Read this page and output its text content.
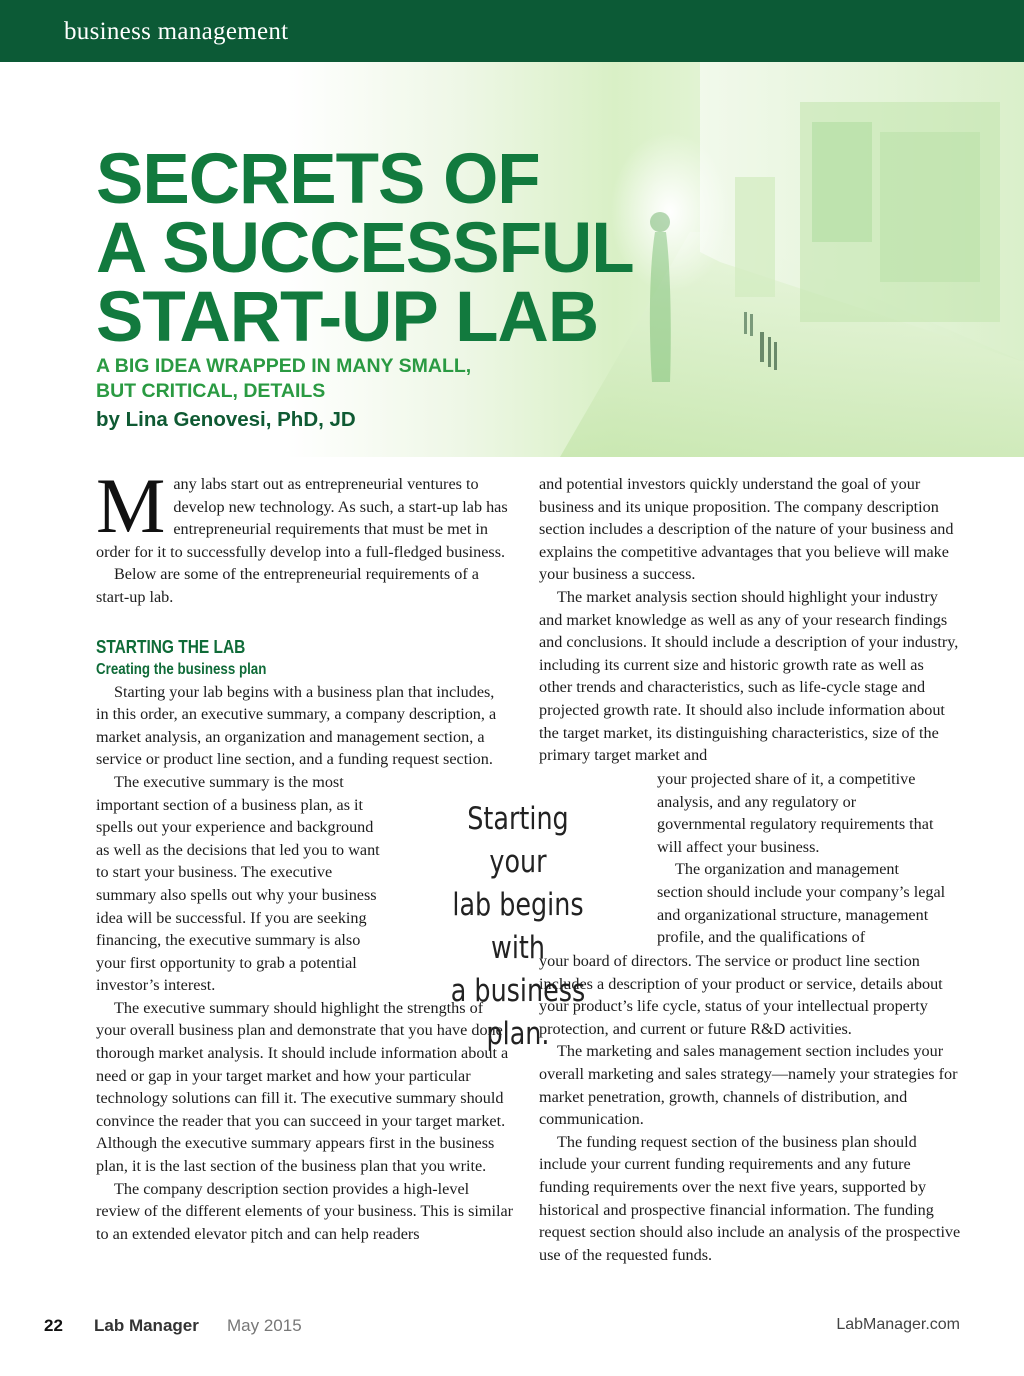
business management
SECRETS OF
A SUCCESSFUL
START-UP LAB
A BIG IDEA WRAPPED IN MANY SMALL,
BUT CRITICAL, DETAILS
by Lina Genovesi, PhD, JD

M any labs start out as entrepreneurial ventures to develop new technology. As such, a start-up lab has entrepreneurial requirements that must be met in order for it to successfully develop into a full-fledged business.

Below are some of the entrepreneurial requirements of a start-up lab.

STARTING THE LAB
Creating the business plan

Starting your lab begins with a business plan that includes, in this order, an executive summary, a company description, a market analysis, an organization and management section, a service or product line section, and a funding request section.

The executive summary is the most important section of a business plan, as it spells out your experience and background as well as the decisions that led you to want to start your business. The executive summary also spells out why your business idea will be successful. If you are seeking financing, the executive summary is also your first opportunity to grab a potential investor’s interest.

The executive summary should highlight the strengths of your overall business plan and demonstrate that you have done thorough market analysis. It should include information about a need or gap in your target market and how your particular technology solutions can fill it. The executive summary should convince the reader that you can succeed in your target market. Although the executive summary appears first in the business plan, it is the last section of the business plan that you write.

The company description section provides a high-level review of the different elements of your business. This is similar to an extended elevator pitch and can help readers

Starting your
lab begins with
a business plan.

and potential investors quickly understand the goal of your business and its unique proposition. The company description section includes a description of the nature of your business and explains the competitive advantages that you believe will make your business a success.

The market analysis section should highlight your industry and market knowledge as well as any of your research findings and conclusions. It should include a description of your industry, including its current size and historic growth rate as well as other trends and characteristics, such as life-cycle stage and projected growth rate. It should also include information about the target market, its distinguishing characteristics, size of the primary target market and

your projected share of it, a competitive analysis, and any regulatory or governmental regulatory requirements that will affect your business.

The organization and management section should include your company’s legal and organizational structure, management profile, and the qualifications of

your board of directors. The service or product line section includes a description of your product or service, details about your product’s life cycle, status of your intellectual property protection, and current or future R&D activities.

The marketing and sales management section includes your overall marketing and sales strategy—namely your strategies for market penetration, growth, channels of distribution, and communication.

The funding request section of the business plan should include your current funding requirements and any future funding requirements over the next five years, supported by historical and prospective financial information. The funding request section should also include an analysis of the prospective use of the requested funds.

22 Lab Manager May 2015	LabManager.com
